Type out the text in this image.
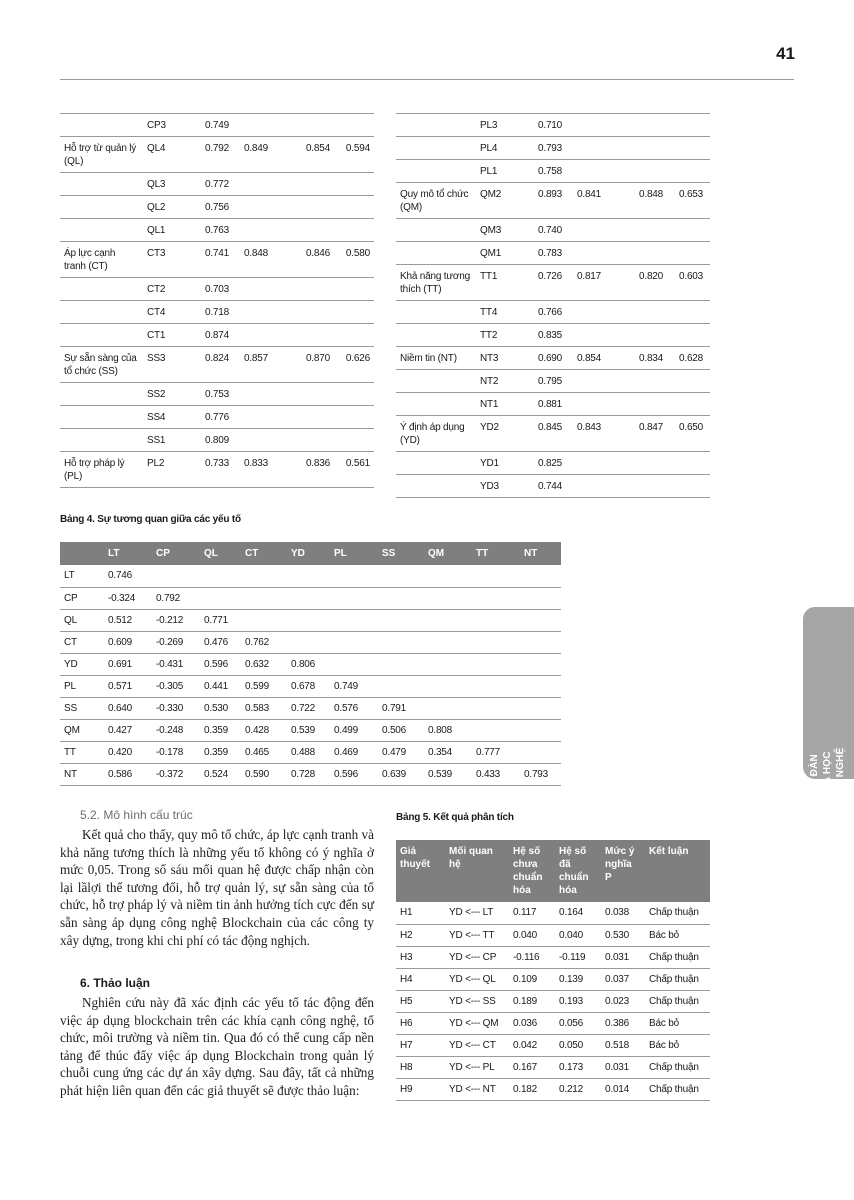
41
DIỄN ĐÀN KHOA HỌC CÔNG NGHỆ
	CP3	0.749			
Hỗ trợ từ quản lý (QL)	QL4	0.792	0.849	0.854	0.594
	QL3	0.772			
	QL2	0.756			
	QL1	0.763			
Áp lực cạnh tranh (CT)	CT3	0.741	0.848	0.846	0.580
	CT2	0.703			
	CT4	0.718			
	CT1	0.874			
Sự sẵn sàng của tổ chức (SS)	SS3	0.824	0.857	0.870	0.626
	SS2	0.753			
	SS4	0.776			
	SS1	0.809			
Hỗ trợ pháp lý (PL)	PL2	0.733	0.833	0.836	0.561
	PL3	0.710			
	PL4	0.793			
	PL1	0.758			
Quy mô tổ chức (QM)	QM2	0.893	0.841	0.848	0.653
	QM3	0.740			
	QM1	0.783			
Khả năng tương thích (TT)	TT1	0.726	0.817	0.820	0.603
	TT4	0.766			
	TT2	0.835			
Niềm tin (NT)	NT3	0.690	0.854	0.834	0.628
	NT2	0.795			
	NT1	0.881			
Ý định áp dụng (YD)	YD2	0.845	0.843	0.847	0.650
	YD1	0.825			
	YD3	0.744			
Bảng 4. Sự tương quan giữa các yếu tố
	LT	CP	QL	CT	YD	PL	SS	QM	TT	NT
LT	0.746									
CP	-0.324	0.792								
QL	0.512	-0.212	0.771							
CT	0.609	-0.269	0.476	0.762						
YD	0.691	-0.431	0.596	0.632	0.806					
PL	0.571	-0.305	0.441	0.599	0.678	0.749				
SS	0.640	-0.330	0.530	0.583	0.722	0.576	0.791			
QM	0.427	-0.248	0.359	0.428	0.539	0.499	0.506	0.808		
TT	0.420	-0.178	0.359	0.465	0.488	0.469	0.479	0.354	0.777	
NT	0.586	-0.372	0.524	0.590	0.728	0.596	0.639	0.539	0.433	0.793
5.2. Mô hình cấu trúc

Kết quả cho thấy, quy mô tổ chức, áp lực cạnh tranh và khả năng tương thích là những yếu tố không có ý nghĩa ở mức 0,05. Trong số sáu mối quan hệ được chấp nhận còn lại lầlợi thế tương đối, hỗ trợ quản lý, sự sẵn sàng của tổ chức, hỗ trợ pháp lý và niềm tin ảnh hưởng tích cực đến sự sẵn sàng áp dụng công nghệ Blockchain của các công ty xây dựng, trong khi chi phí có tác động nghịch.

6. Thảo luận

Nghiên cứu này đã xác định các yếu tố tác động đến việc áp dụng blockchain trên các khía cạnh công nghệ, tổ chức, môi trường và niềm tin. Qua đó có thể cung cấp nền tảng để thúc đẩy việc áp dụng Blockchain trong quản lý chuỗi cung ứng các dự án xây dựng. Sau đây, tất cả những phát hiện liên quan đến các giả thuyết sẽ được thảo luận:

Bảng 5. Kết quả phân tích
Giả thuyết	Mối quan hệ	Hệ số chưa chuẩn hóa	Hệ số đã chuẩn hóa	Mức ý nghĩa P	Kết luận
H1	YD <--- LT	0.117	0.164	0.038	Chấp thuận
H2	YD <--- TT	0.040	0.040	0.530	Bác bỏ
H3	YD <--- CP	-0.116	-0.119	0.031	Chấp thuận
H4	YD <--- QL	0.109	0.139	0.037	Chấp thuận
H5	YD <--- SS	0.189	0.193	0.023	Chấp thuận
H6	YD <--- QM	0.036	0.056	0.386	Bác bỏ
H7	YD <--- CT	0.042	0.050	0.518	Bác bỏ
H8	YD <--- PL	0.167	0.173	0.031	Chấp thuận
H9	YD <--- NT	0.182	0.212	0.014	Chấp thuận
